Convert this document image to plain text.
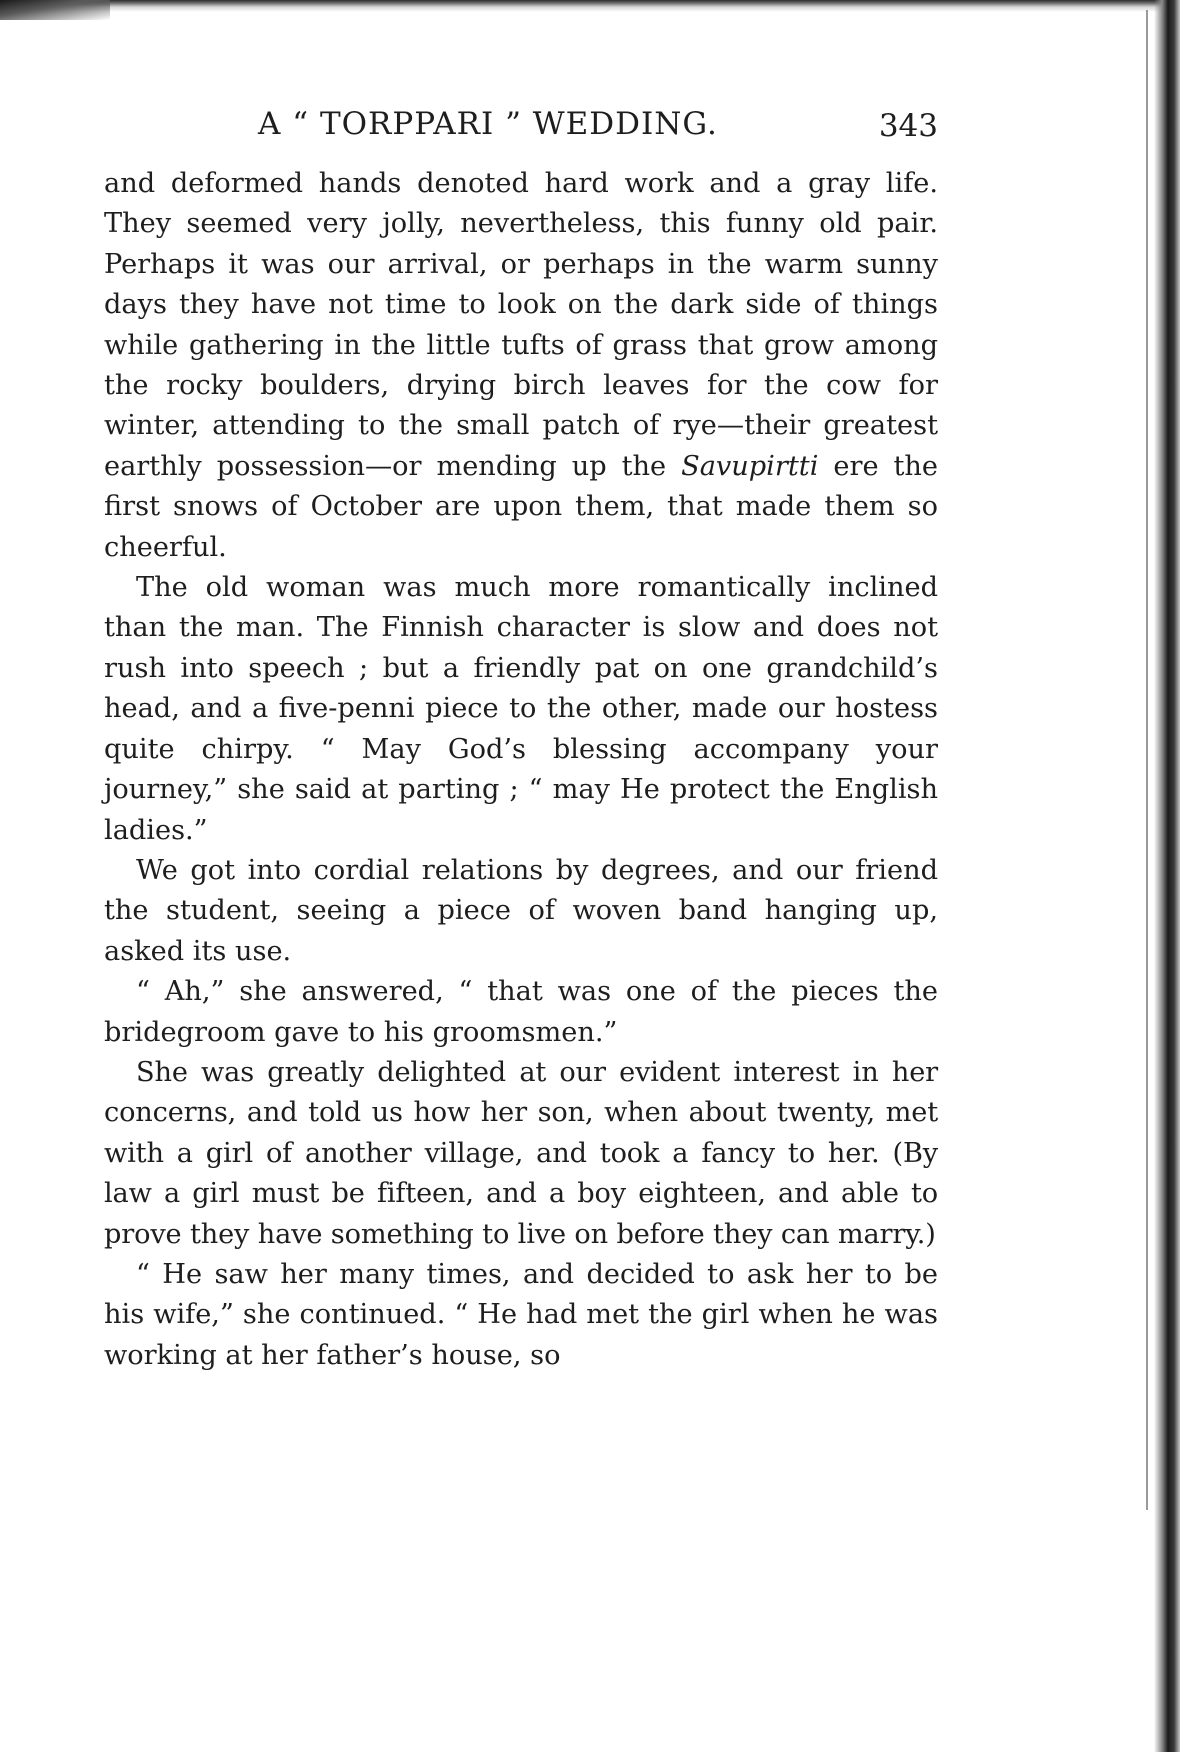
A “ TORPPARI ” WEDDING.	343

and deformed hands denoted hard work and a gray life. They seemed very jolly, nevertheless, this funny old pair. Perhaps it was our arrival, or perhaps in the warm sunny days they have not time to look on the dark side of things while gathering in the little tufts of grass that grow among the rocky boulders, drying birch leaves for the cow for winter, attending to the small patch of rye—their greatest earthly possession—or mending up the Savupirtti ere the first snows of October are upon them, that made them so cheerful.

The old woman was much more romantically inclined than the man. The Finnish character is slow and does not rush into speech ; but a friendly pat on one grandchild’s head, and a five-penni piece to the other, made our hostess quite chirpy. “ May God’s blessing accompany your journey,” she said at parting ; “ may He protect the English ladies.”

We got into cordial relations by degrees, and our friend the student, seeing a piece of woven band hanging up, asked its use.

“ Ah,” she answered, “ that was one of the pieces the bridegroom gave to his groomsmen.”

She was greatly delighted at our evident interest in her concerns, and told us how her son, when about twenty, met with a girl of another village, and took a fancy to her. (By law a girl must be fifteen, and a boy eighteen, and able to prove they have something to live on before they can marry.)

“ He saw her many times, and decided to ask her to be his wife,” she continued. “ He had met the girl when he was working at her father’s house, so
